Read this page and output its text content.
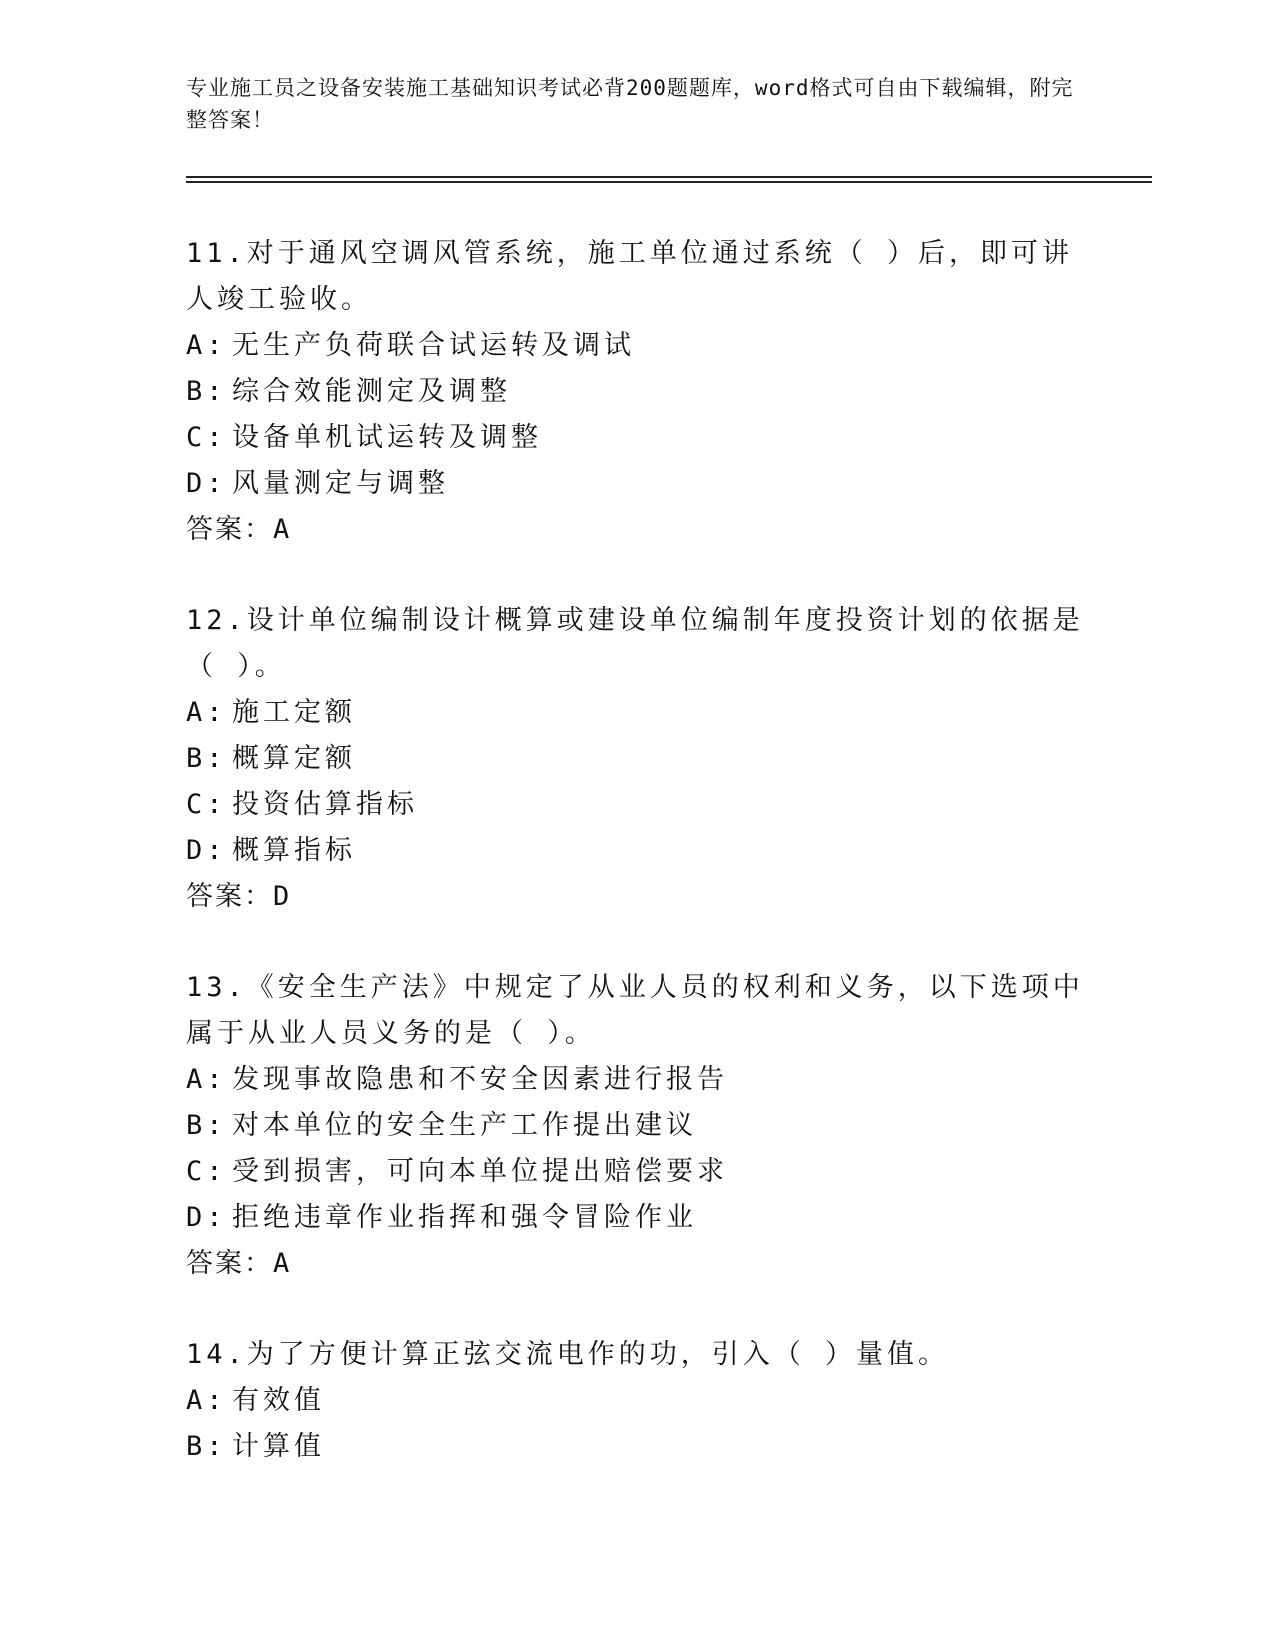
专业施工员之设备安装施工基础知识考试必背200题题库，word格式可自由下载编辑，附完整答案！

11.对于通风空调风管系统，施工单位通过系统（ ）后，即可讲人竣工验收。

A: 无生产负荷联合试运转及调试
B: 综合效能测定及调整
C: 设备单机试运转及调整
D: 风量测定与调整
答案：A

12.设计单位编制设计概算或建设单位编制年度投资计划的依据是（ ）。

A: 施工定额
B: 概算定额
C: 投资估算指标
D: 概算指标
答案：D

13.《安全生产法》中规定了从业人员的权利和义务，以下选项中属于从业人员义务的是（ ）。

A: 发现事故隐患和不安全因素进行报告
B: 对本单位的安全生产工作提出建议
C: 受到损害，可向本单位提出赔偿要求
D: 拒绝违章作业指挥和强令冒险作业
答案：A

14.为了方便计算正弦交流电作的功，引入（ ）量值。

A: 有效值
B: 计算值
